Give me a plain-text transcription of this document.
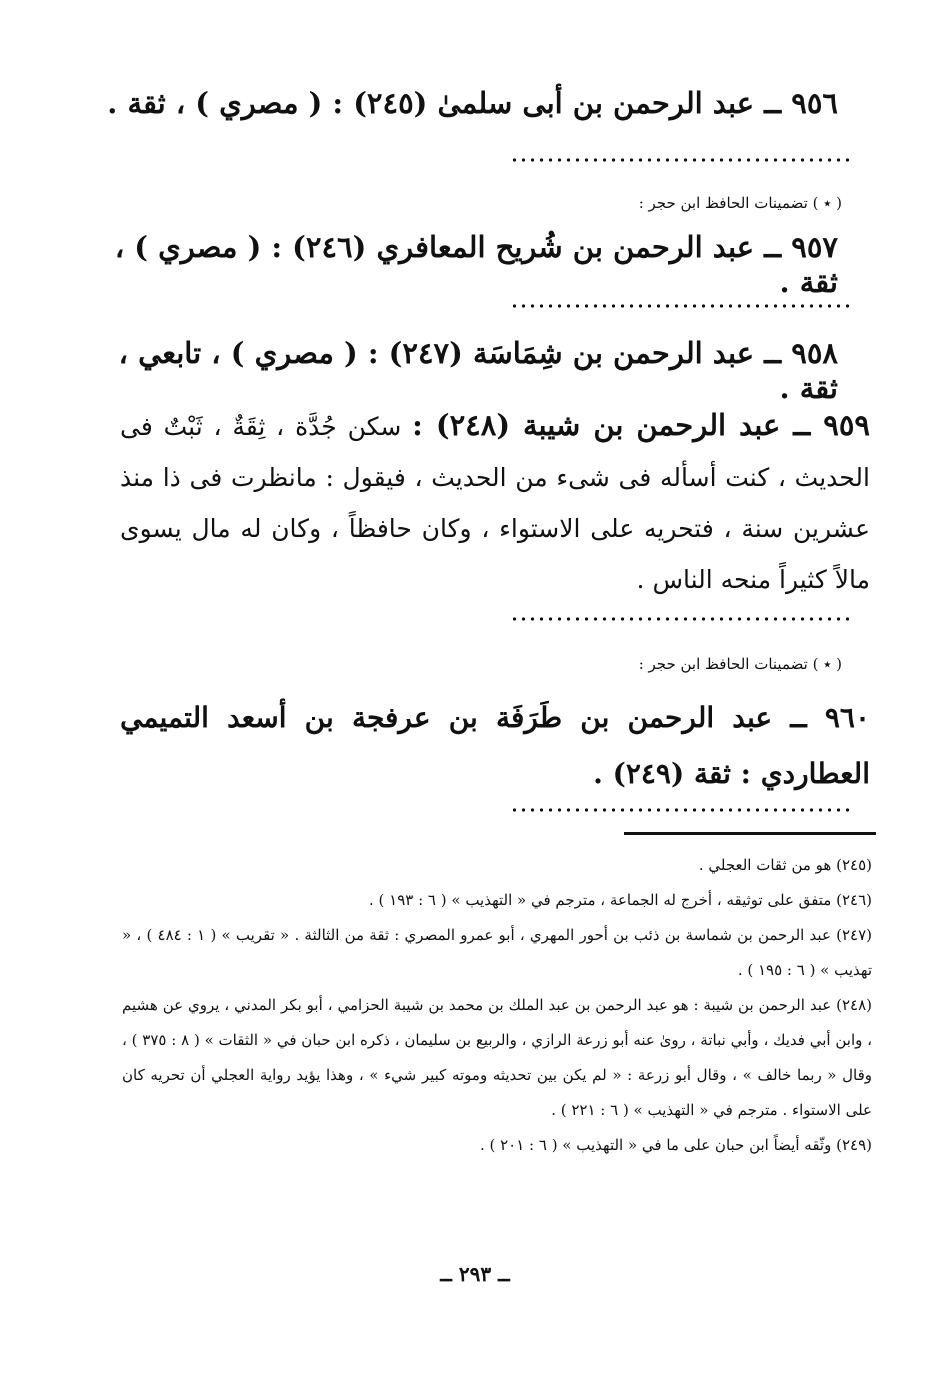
٩٥٦ ــ عبد الرحمن بن أبى سلمىٰ (٢٤٥) : ( مصري ) ، ثقة .
( ٭ ) تضمينات الحافظ ابن حجر :
٩٥٧ ــ عبد الرحمن بن شُريح المعافري (٢٤٦) : ( مصري ) ، ثقة .
٩٥٨ ــ عبد الرحمن بن شِمَاسَة (٢٤٧) : ( مصري ) ، تابعي ، ثقة .
٩٥٩ ــ عبد الرحمن بن شيبة (٢٤٨) : سكن جُدَّة ، ثِقَةٌ ، ثَبْتٌ فى الحديث ، كنت أسأله فى شىء من الحديث ، فيقول : مانظرت فى ذا منذ عشرين سنة ، فتحريه على الاستواء ، وكان حافظاً ، وكان له مال يسوى مالاً كثيراً منحه الناس .
( ٭ ) تضمينات الحافظ ابن حجر :
٩٦٠ ــ عبد الرحمن بن طَرَفَة بن عرفجة بن أسعد التميمي العطاردي : ثقة (٢٤٩) .

(٢٤٥) هو من ثقات العجلي .

(٢٤٦) متفق على توثيقه ، أخرج له الجماعة ، مترجم في « التهذيب » ( ٦ : ١٩٣ ) .

(٢٤٧) عبد الرحمن بن شماسة بن ذئب بن أحور المهري ، أبو عمرو المصري : ثقة من الثالثة . « تقريب » ( ١ : ٤٨٤ ) ، « تهذيب » ( ٦ : ١٩٥ ) .

(٢٤٨) عبد الرحمن بن شيبة : هو عبد الرحمن بن عبد الملك بن محمد بن شيبة الحزامي ، أبو بكر المدني ، يروي عن هشيم ، وابن أبي فديك ، وأبي نباتة ، روىٰ عنه أبو زرعة الرازي ، والربيع بن سليمان ، ذكره ابن حبان في « الثقات » ( ٨ : ٣٧٥ ) ، وقال « ربما خالف » ، وقال أبو زرعة : « لم يكن بين تحديثه وموته كبير شيء » ، وهذا يؤيد رواية العجلي أن تحريه كان على الاستواء . مترجم في « التهذيب » ( ٦ : ٢٢١ ) .

(٢٤٩) وثّقه أيضاً ابن حبان على ما في « التهذيب » ( ٦ : ٢٠١ ) .

ــ ٢٩٣ ــ
